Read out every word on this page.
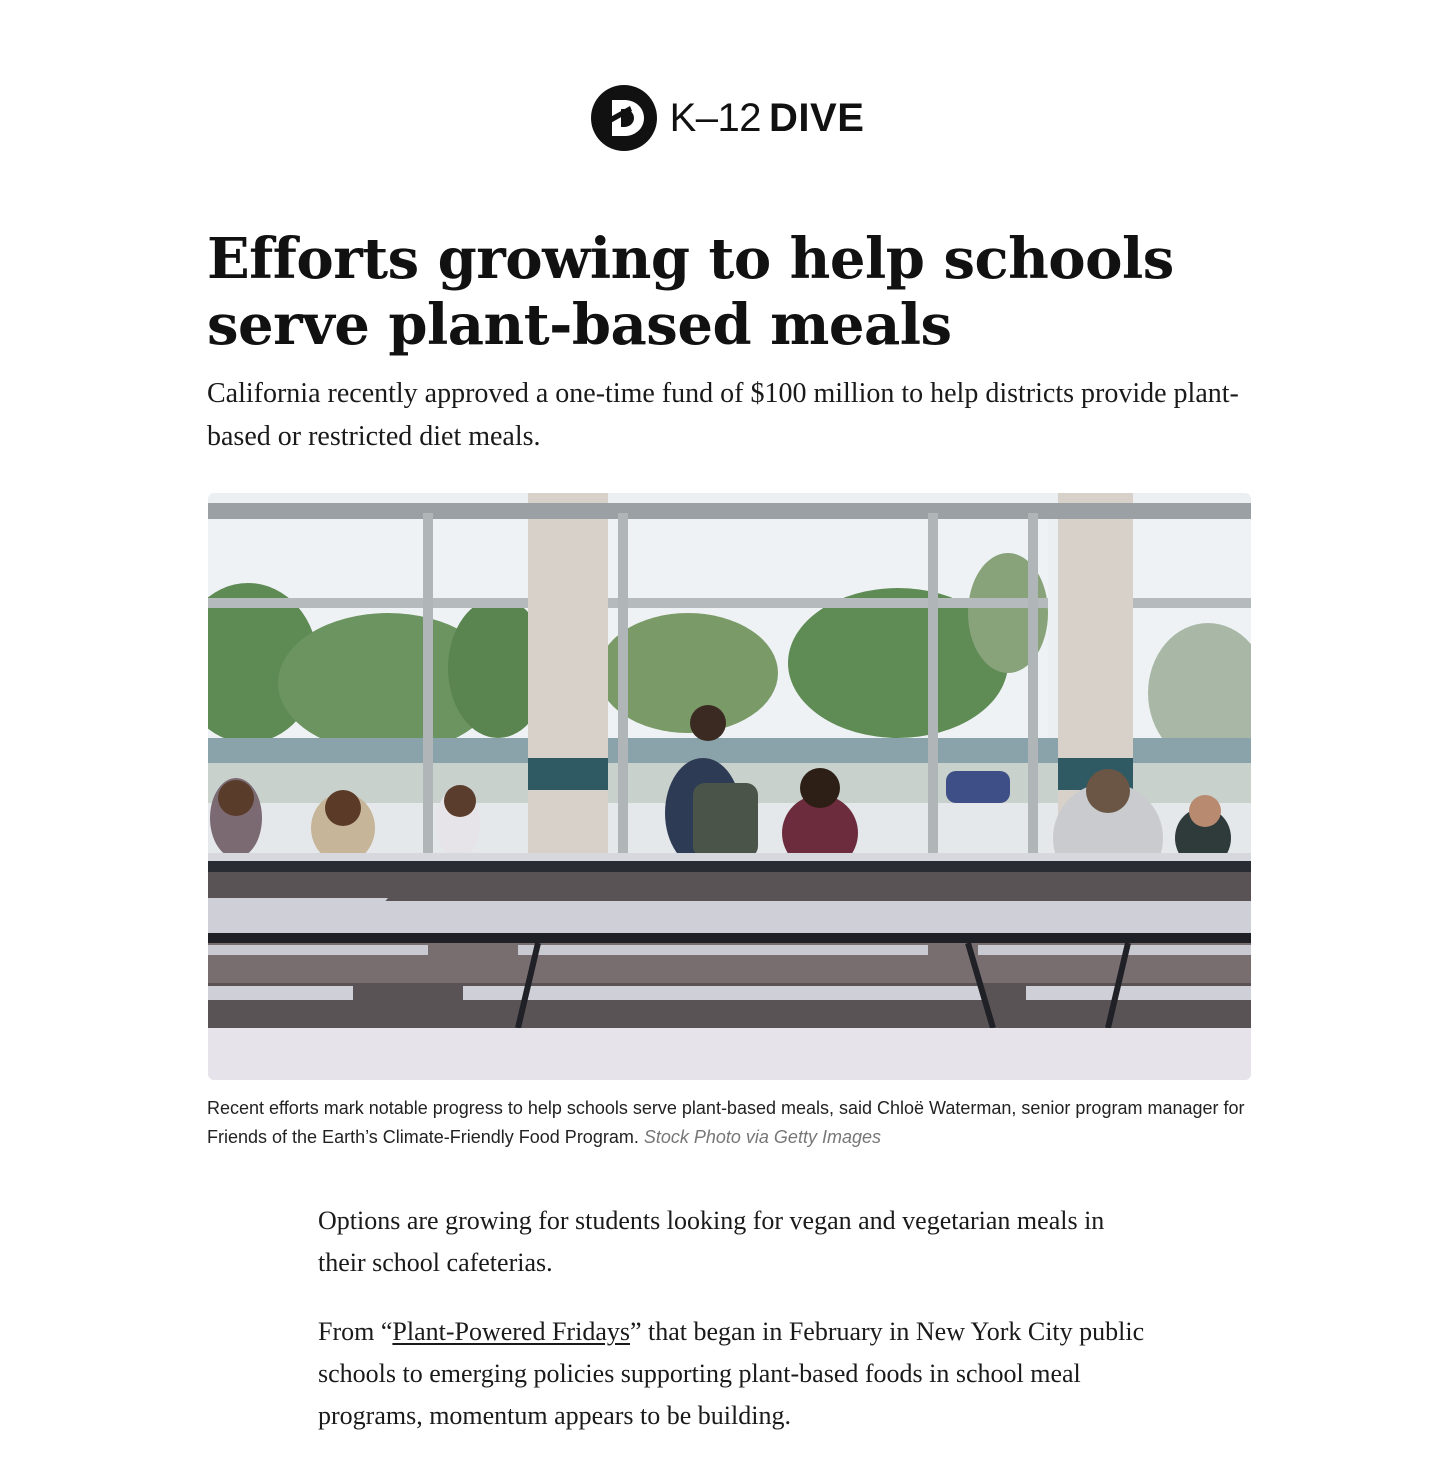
K–12 DIVE
Efforts growing to help schools serve plant-based meals

California recently approved a one-time fund of $100 million to help districts provide plant-based or restricted diet meals.

Recent efforts mark notable progress to help schools serve plant-based meals, said Chloë Waterman, senior program manager for Friends of the Earth’s Climate-Friendly Food Program. Stock Photo via Getty Images

Options are growing for students looking for vegan and vegetarian meals in their school cafeterias.

From “Plant-Powered Fridays” that began in February in New York City public schools to emerging policies supporting plant-based foods in school meal programs, momentum appears to be building.
